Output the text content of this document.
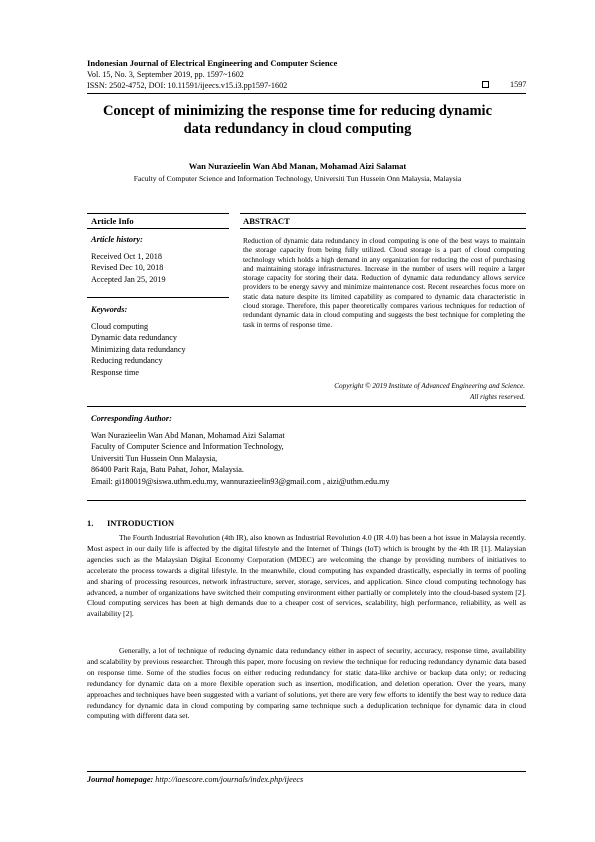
Indonesian Journal of Electrical Engineering and Computer Science
Vol. 15, No. 3, September 2019, pp. 1597~1602
ISSN: 2502-4752, DOI: 10.11591/ijeecs.v15.i3.pp1597-1602	1597
Concept of minimizing the response time for reducing dynamic
data redundancy in cloud computing
Wan Nurazieelin Wan Abd Manan, Mohamad Aizi Salamat
Faculty of Computer Science and Information Technology, Universiti Tun Hussein Onn Malaysia, Malaysia
Article Info	ABSTRACT
Article history:
Received Oct 1, 2018
Revised Dec 10, 2018
Accepted Jan 25, 2019
Keywords:
Cloud computing
Dynamic data redundancy
Minimizing data redundancy
Reducing redundancy
Response time
Reduction of dynamic data redundancy in cloud computing is one of the best ways to maintain the storage capacity from being fully utilized. Cloud storage is a part of cloud computing technology which holds a high demand in any organization for reducing the cost of purchasing and maintaining storage infrastructures. Increase in the number of users will require a larger storage capacity for storing their data. Reduction of dynamic data redundancy allows service providers to be energy savvy and minimize maintenance cost. Recent researches focus more on static data nature despite its limited capability as compared to dynamic data characteristic in cloud storage. Therefore, this paper theoretically compares various techniques for reduction of redundant dynamic data in cloud computing and suggests the best technique for completing the task in terms of response time.
Copyright © 2019 Institute of Advanced Engineering and Science.
All rights reserved.
Corresponding Author:
Wan Nurazieelin Wan Abd Manan, Mohamad Aizi Salamat
Faculty of Computer Science and Information Technology,
Universiti Tun Hussein Onn Malaysia,
86400 Parit Raja, Batu Pahat, Johor, Malaysia.
Email: gi180019@siswa.uthm.edu.my, wannurazieelin93@gmail.com , aizi@uthm.edu.my
1. INTRODUCTION
The Fourth Industrial Revolution (4th IR), also known as Industrial Revolution 4.0 (IR 4.0) has been a hot issue in Malaysia recently. Most aspect in our daily life is affected by the digital lifestyle and the Internet of Things (IoT) which is brought by the 4th IR [1]. Malaysian agencies such as the Malaysian Digital Economy Corporation (MDEC) are welcoming the change by providing numbers of initiatives to accelerate the process towards a digital lifestyle. In the meanwhile, cloud computing has expanded drastically, especially in terms of pooling and sharing of processing resources, network infrastructure, server, storage, services, and application. Since cloud computing technology has advanced, a number of organizations have switched their computing environment either partially or completely into the cloud-based system [2]. Cloud computing services has been at high demands due to a cheaper cost of services, scalability, high performance, reliability, as well as availability [2].
Generally, a lot of technique of reducing dynamic data redundancy either in aspect of security, accuracy, response time, availability and scalability by previous researcher. Through this paper, more focusing on review the technique for reducing redundancy dynamic data based on response time. Some of the studies focus on either reducing redundancy for static data-like archive or backup data only; or reducing redundancy for dynamic data on a more flexible operation such as insertion, modification, and deletion operation. Over the years, many approaches and techniques have been suggested with a variant of solutions, yet there are very few efforts to identify the best way to reduce data redundancy for dynamic data in cloud computing by comparing same technique such a deduplication technique for dynamic data in cloud computing with different data set.
Journal homepage: http://iaescore.com/journals/index.php/ijeecs
